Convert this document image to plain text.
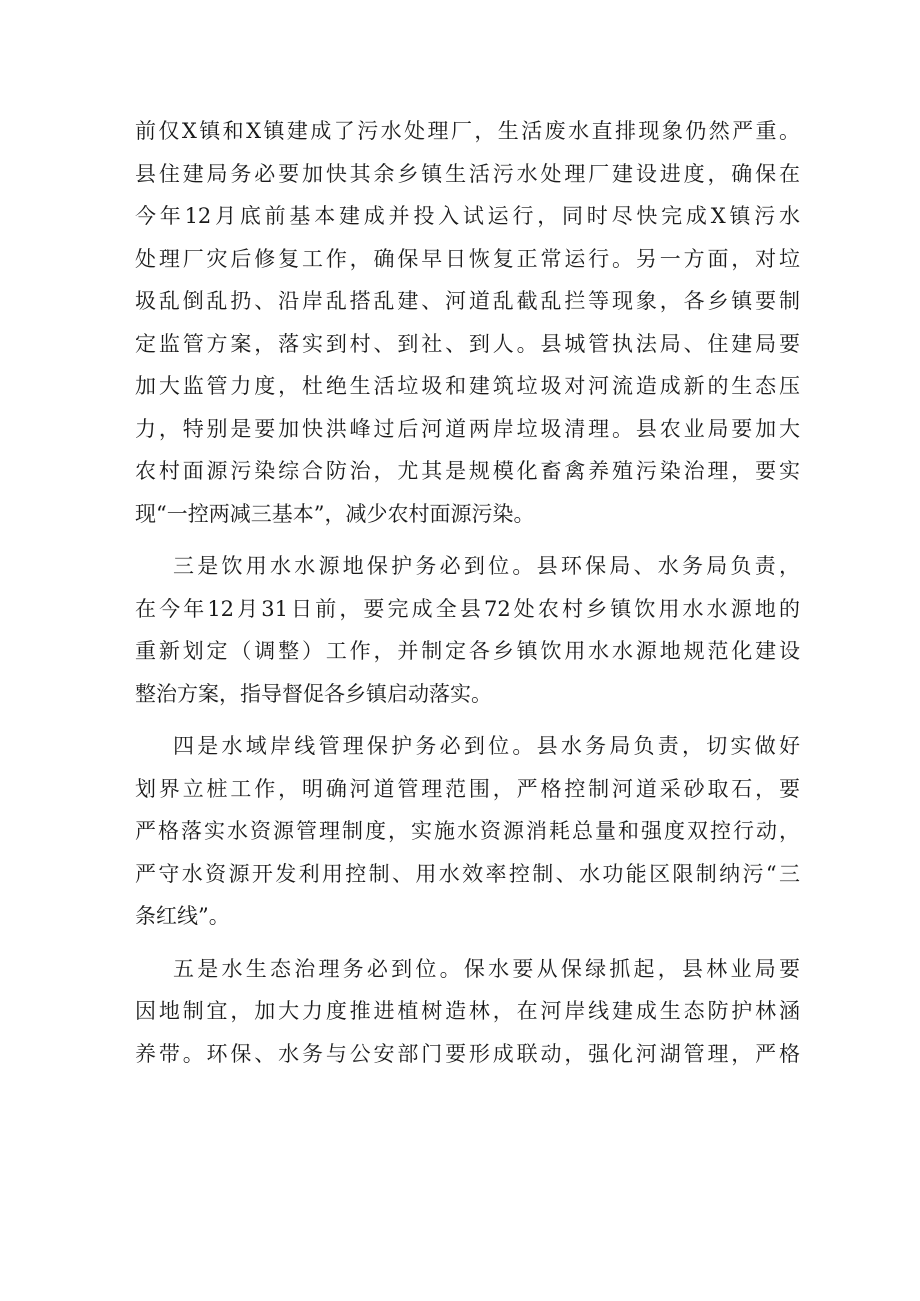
前仅X镇和X镇建成了污水处理厂，生活废水直排现象仍然严重。
县住建局务必要加快其余乡镇生活污水处理厂建设进度，确保在
今年12月底前基本建成并投入试运行，同时尽快完成X镇污水
处理厂灾后修复工作，确保早日恢复正常运行。另一方面，对垃
圾乱倒乱扔、沿岸乱搭乱建、河道乱截乱拦等现象，各乡镇要制
定监管方案，落实到村、到社、到人。县城管执法局、住建局要
加大监管力度，杜绝生活垃圾和建筑垃圾对河流造成新的生态压
力，特别是要加快洪峰过后河道两岸垃圾清理。县农业局要加大
农村面源污染综合防治，尤其是规模化畜禽养殖污染治理，要实
现“一控两减三基本”，减少农村面源污染。
三是饮用水水源地保护务必到位。县环保局、水务局负责，
在今年12月31日前，要完成全县72处农村乡镇饮用水水源地的
重新划定（调整）工作，并制定各乡镇饮用水水源地规范化建设
整治方案，指导督促各乡镇启动落实。
四是水域岸线管理保护务必到位。县水务局负责，切实做好
划界立桩工作，明确河道管理范围，严格控制河道采砂取石，要
严格落实水资源管理制度，实施水资源消耗总量和强度双控行动，
严守水资源开发利用控制、用水效率控制、水功能区限制纳污“三
条红线”。
五是水生态治理务必到位。保水要从保绿抓起，县林业局要
因地制宜，加大力度推进植树造林，在河岸线建成生态防护林涵
养带。环保、水务与公安部门要形成联动，强化河湖管理，严格
